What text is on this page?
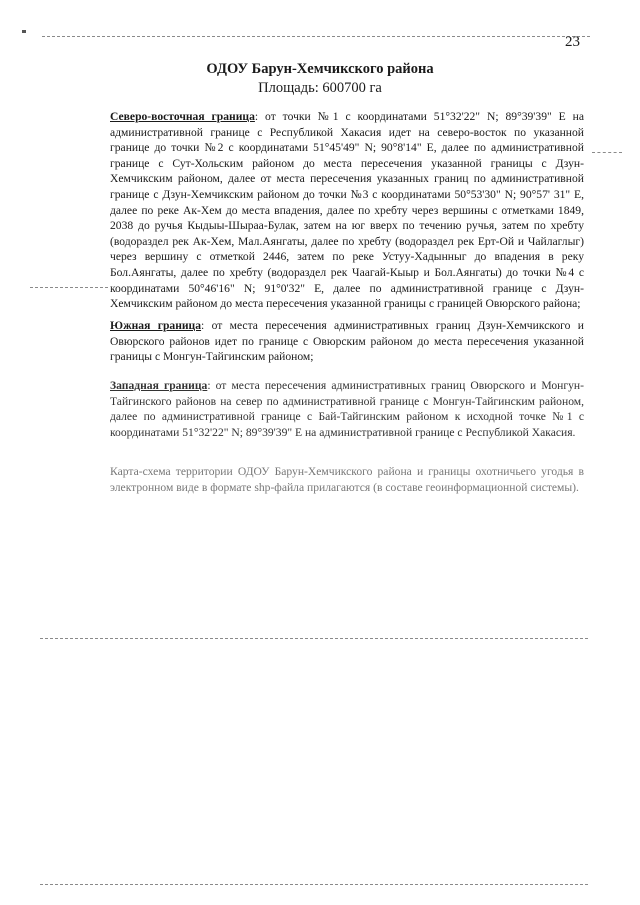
23
ОДОУ Барун-Хемчикского района
Площадь: 600700 га
Северо-восточная граница: от точки №1 с координатами 51°32'22" N; 89°39'39" E на административной границе с Республикой Хакасия идет на северо-восток по указанной границе до точки №2 с координатами 51°45'49" N; 90°8'14" E, далее по административной границе с Сут-Хольским районом до места пересечения указанной границы с Дзун-Хемчикским районом, далее от места пересечения указанных границ по административной границе с Дзун-Хемчикским районом до точки №3 с координатами 50°53'30" N; 90°57' 31" E, далее по реке Ак-Хем до места впадения, далее по хребту через вершины с отметками 1849, 2038 до ручья Кыдыы-Шыраа-Булак, затем на юг вверх по течению ручья, затем по хребту (водораздел рек Ак-Хем, Мал.Аянгаты, далее по хребту (водораздел рек Ерт-Ой и Чайлаглыг) через вершину с отметкой 2446, затем по реке Устуу-Хадынныг до впадения в реку Бол.Аянгаты, далее по хребту (водораздел рек Чаагай-Кыыр и Бол.Аянгаты) до точки №4 с координатами 50°46'16" N; 91°0'32" E, далее по административной границе с Дзун-Хемчикским районом до места пересечения указанной границы с границей Овюрского района;
Южная граница: от места пересечения административных границ Дзун-Хемчикского и Овюрского районов идет по границе с Овюрским районом до места пересечения указанной границы с Монгун-Тайгинским районом;
Западная граница: от места пересечения административных границ Овюрского и Монгун-Тайгинского районов на север по административной границе с Монгун-Тайгинским районом, далее по административной границе с Бай-Тайгинским районом к исходной точке №1 с координатами 51°32'22" N; 89°39'39" E на административной границе с Республикой Хакасия.
Карта-схема территории ОДОУ Барун-Хемчикского района и границы охотничьего угодья в электронном виде в формате shp-файла прилагаются (в составе геоинформационной системы).
